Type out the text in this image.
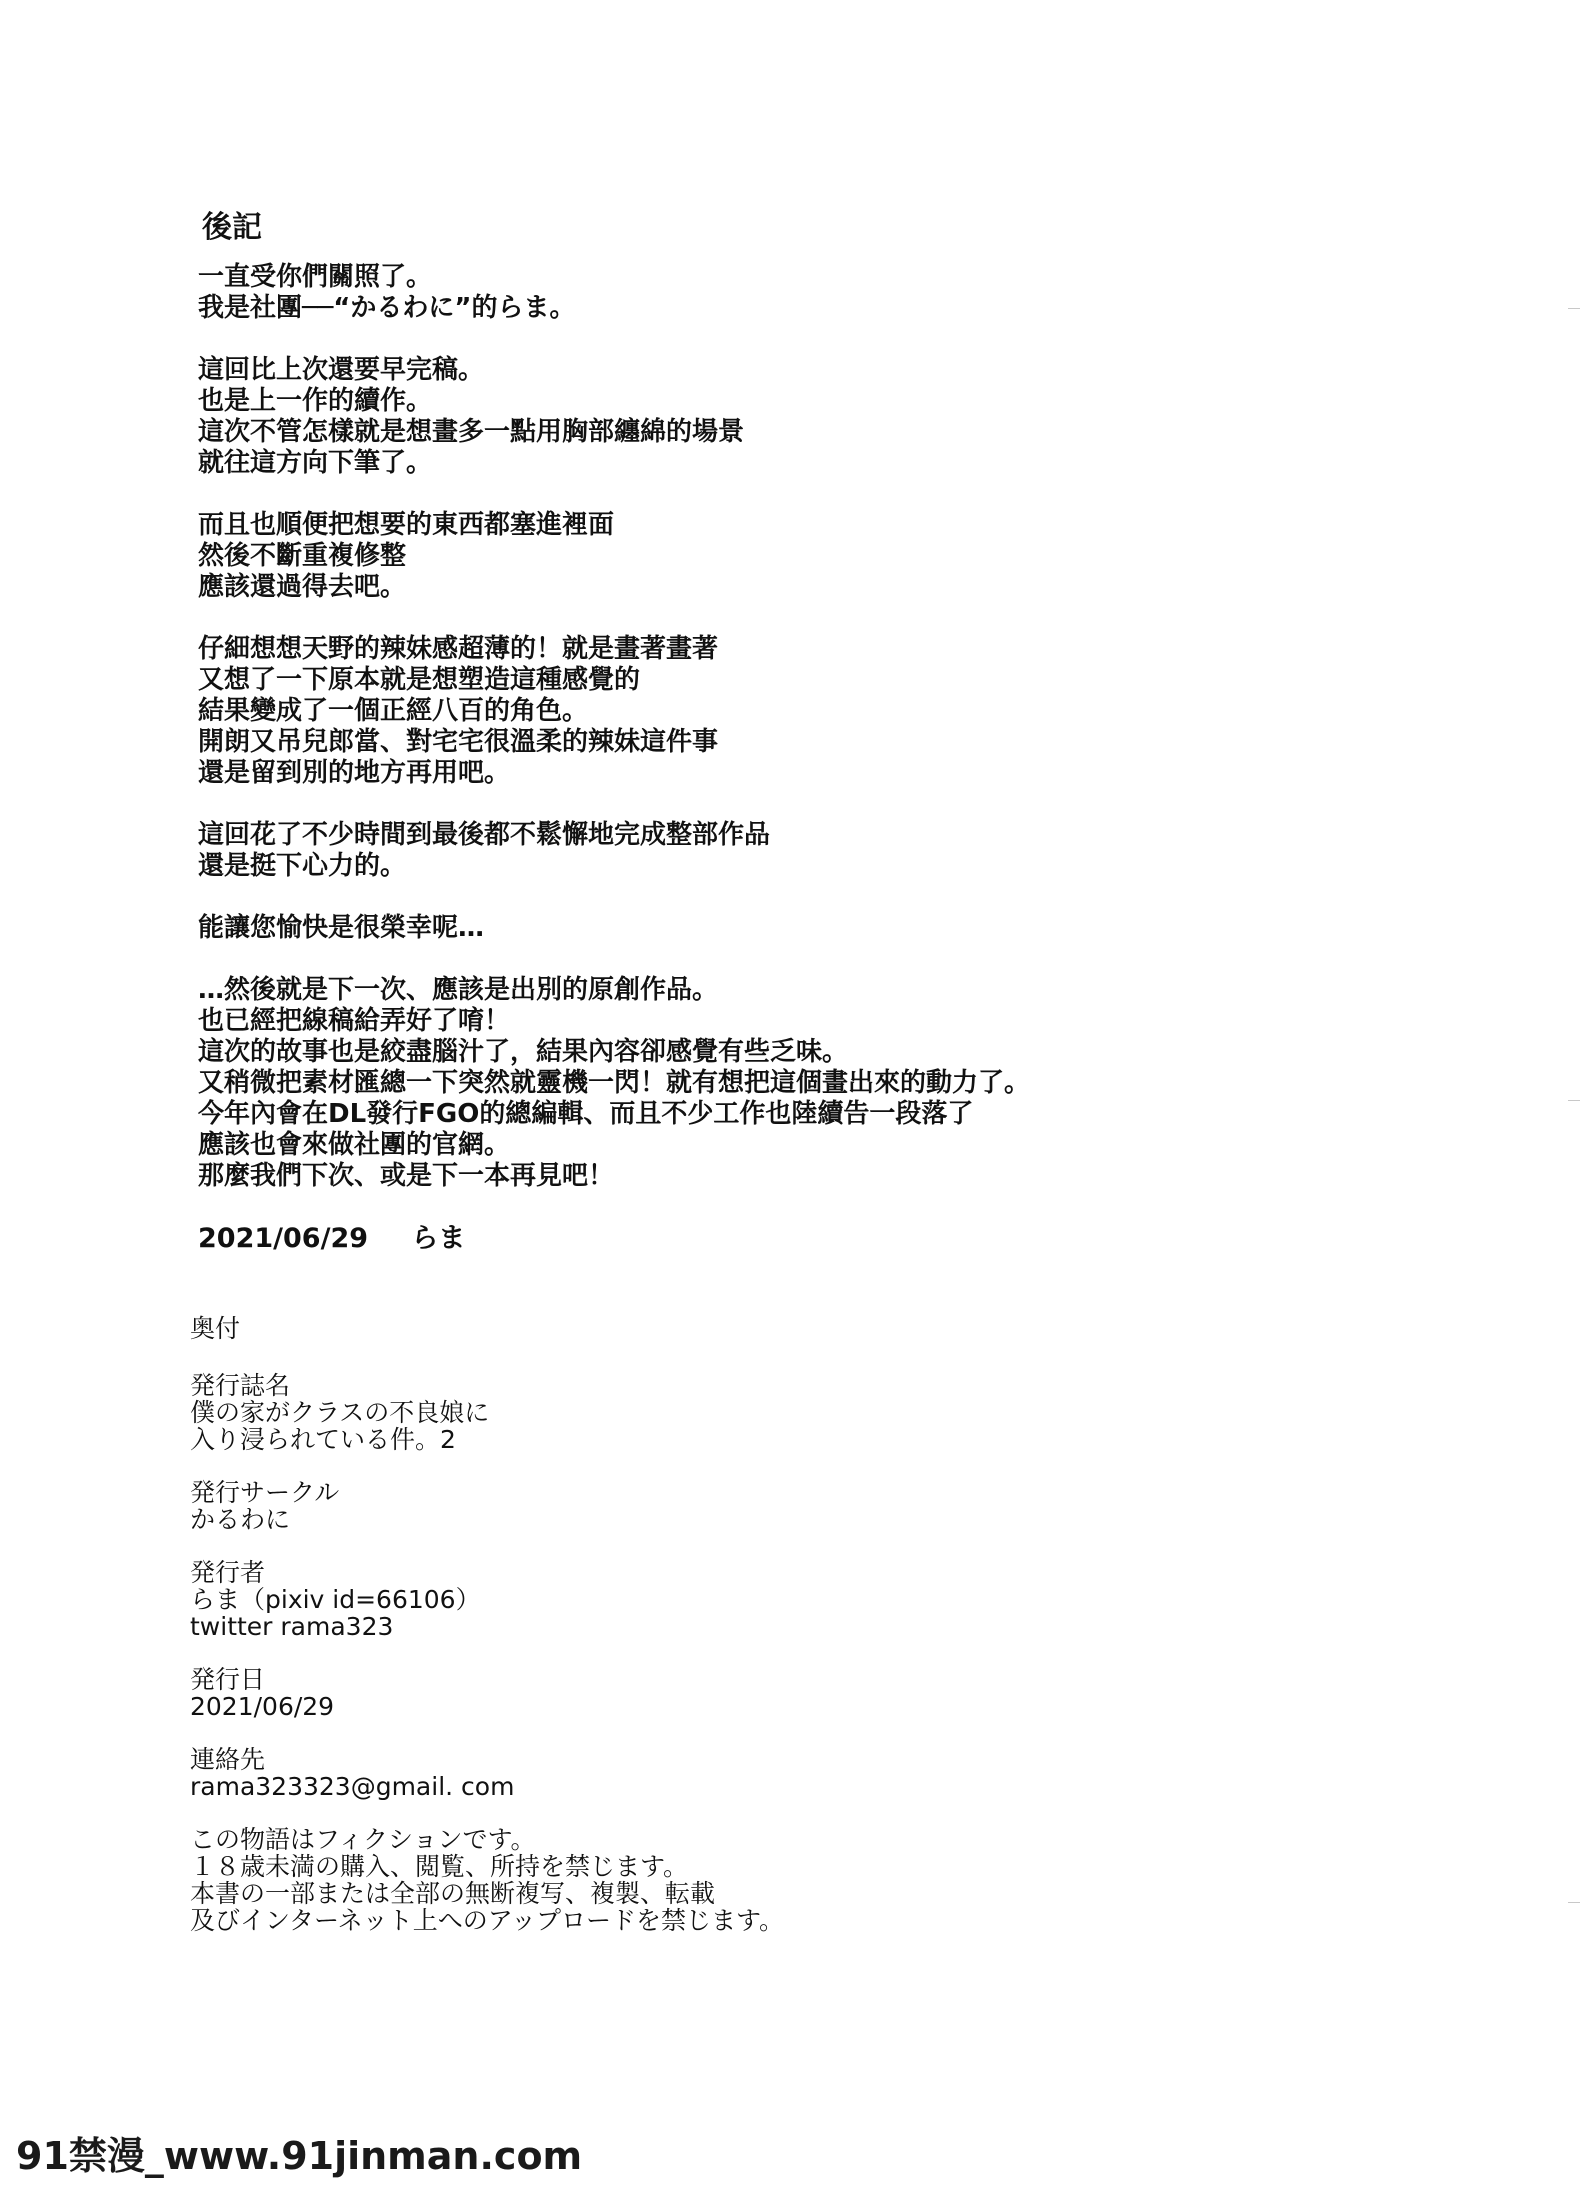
後記
一直受你們關照了。
我是社團──“かるわに”的らま。
這回比上次還要早完稿。
也是上一作的續作。
這次不管怎樣就是想畫多一點用胸部纏綿的場景
就往這方向下筆了。
而且也順便把想要的東西都塞進裡面
然後不斷重複修整
應該還過得去吧。
仔細想想天野的辣妹感超薄的！就是畫著畫著
又想了一下原本就是想塑造這種感覺的
結果變成了一個正經八百的角色。
開朗又吊兒郎當、對宅宅很溫柔的辣妹這件事
還是留到別的地方再用吧。
這回花了不少時間到最後都不鬆懈地完成整部作品
還是挺下心力的。
能讓您愉快是很榮幸呢…
…然後就是下一次、應該是出別的原創作品。
也已經把線稿給弄好了唷！
這次的故事也是絞盡腦汁了，結果內容卻感覺有些乏味。
又稍微把素材匯總一下突然就靈機一閃！就有想把這個畫出來的動力了。
今年內會在DL發行FGO的總編輯、而且不少工作也陸續告一段落了
應該也會來做社團的官網。
那麼我們下次、或是下一本再見吧！
2021/06/29 らま
奥付
発行誌名
僕の家がクラスの不良娘に
入り浸られている件。2
発行サークル
かるわに
発行者
らま（pixiv id=66106）
twitter rama323
発行日
2021/06/29
連絡先
rama323323@gmail. com
この物語はフィクションです。
１８歳未満の購入、閲覧、所持を禁じます。
本書の一部または全部の無断複写、複製、転載
及びインターネット上へのアップロードを禁じます。
91禁漫_www.91jinman.com
